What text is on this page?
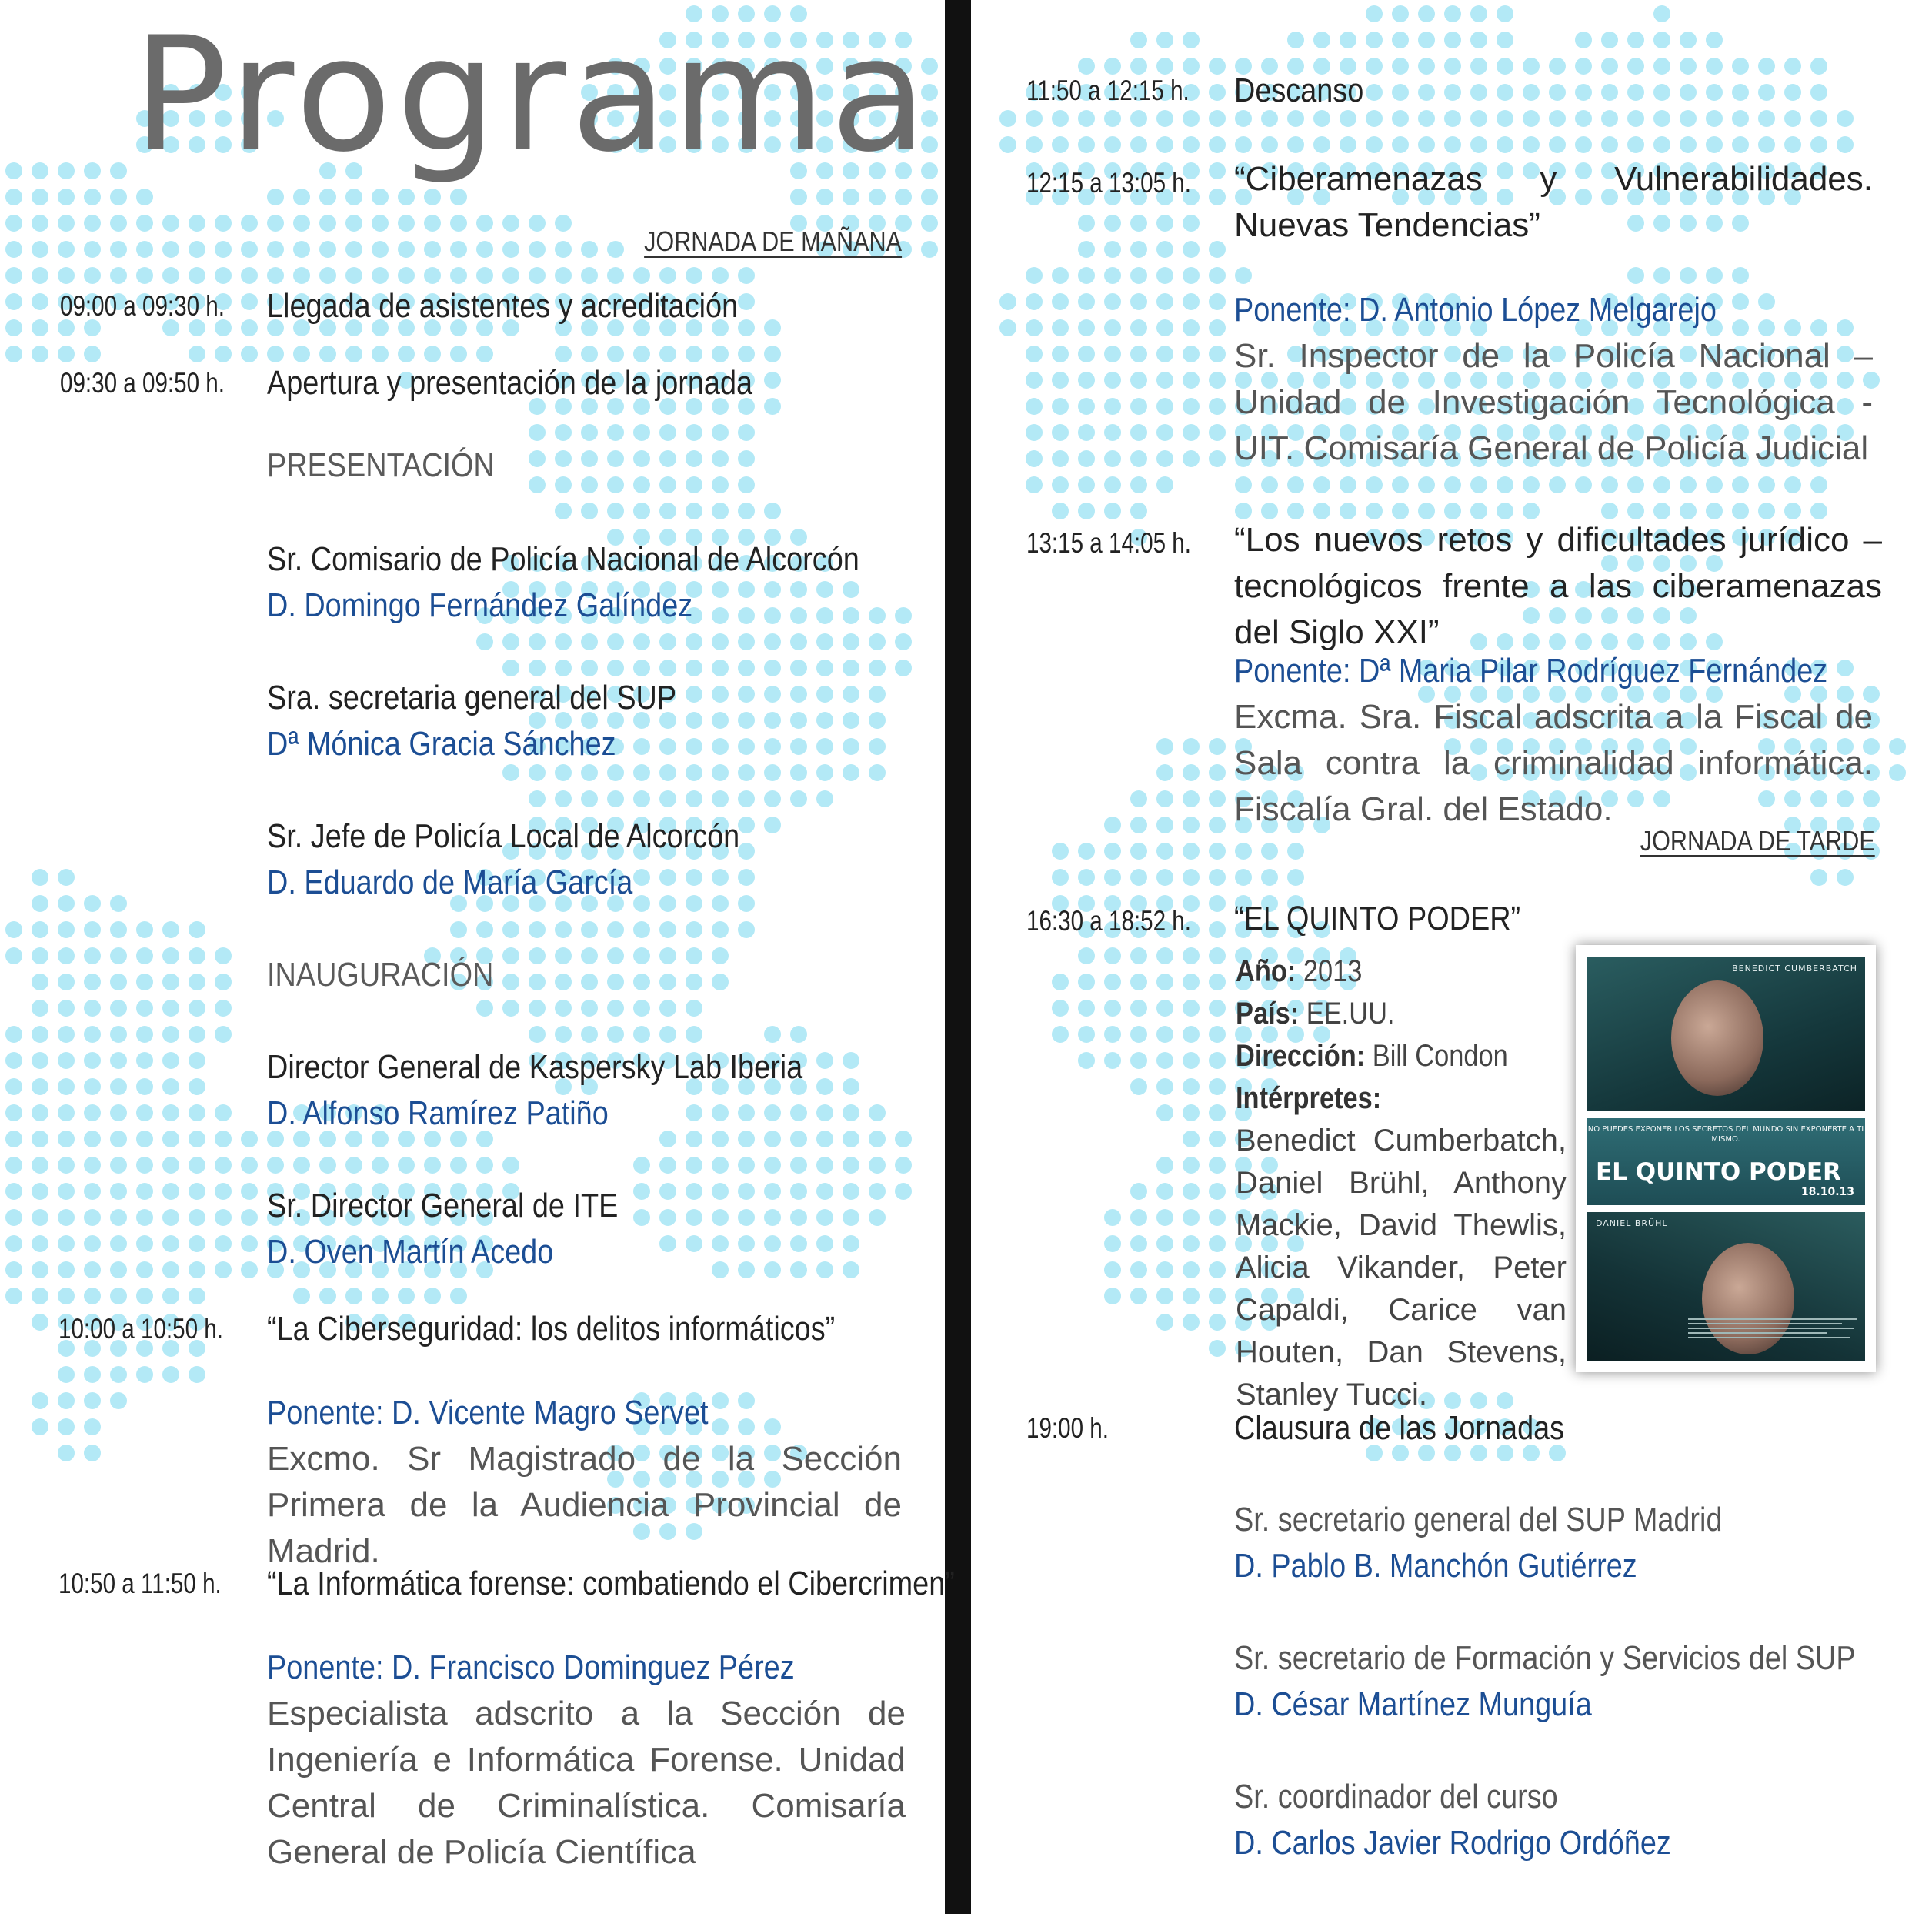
Programa
JORNADA DE MAÑANA
09:00 a 09:30 h. Llegada de asistentes y acreditación
09:30 a 09:50 h. Apertura y presentación de la jornada
PRESENTACIÓN
Sr. Comisario de Policía Nacional de Alcorcón
D. Domingo Fernández Galíndez
Sra. secretaria general del SUP
Dª Mónica Gracia Sánchez
Sr. Jefe de Policía Local de Alcorcón
D. Eduardo de María García
INAUGURACIÓN
Director General de Kaspersky Lab Iberia
D. Alfonso Ramírez Patiño
Sr. Director General de ITE
D. Oven Martín Acedo
10:00 a 10:50 h. “La Ciberseguridad: los delitos informáticos”
Ponente: D. Vicente Magro Servet
Excmo. Sr Magistrado de la Sección Primera de la Audiencia Provincial de Madrid.
10:50 a 11:50 h. “La Informática forense: combatiendo el Cibercrimen”
Ponente: D. Francisco Dominguez Pérez
Especialista adscrito a la Sección de Ingeniería e Informática Forense. Unidad Central de Criminalística. Comisaría General de Policía Científica
11:50 a 12:15 h. Descanso
12:15 a 13:05 h. “Ciberamenazas y Vulnerabilidades. Nuevas Tendencias”
Ponente: D. Antonio López Melgarejo
Sr. Inspector de la Policía Nacional – Unidad de Investigación Tecnológica - UIT. Comisaría General de Policía Judicial
13:15 a 14:05 h. “Los nuevos retos y dificultades jurídico – tecnológicos frente a las ciberamenazas del Siglo XXI”
Ponente: Dª Maria Pilar Rodríguez Fernández
Excma. Sra. Fiscal adscrita a la Fiscal de Sala contra la criminalidad informática. Fiscalía Gral. del Estado.
JORNADA DE TARDE
16:30 a 18:52 h. “EL QUINTO PODER”
Año: 2013
País: EE.UU.
Dirección: Bill Condon
Intérpretes:
Benedict Cumberbatch, Daniel Brühl, Anthony Mackie, David Thewlis, Alicia Vikander, Peter Capaldi, Carice van Houten, Dan Stevens, Stanley Tucci.
19:00 h.	Clausura de las Jornadas
Sr. secretario general del SUP Madrid
D. Pablo B. Manchón Gutiérrez
Sr. secretario de Formación y Servicios del SUP
D. César Martínez Munguía
Sr. coordinador del curso
D. Carlos Javier Rodrigo Ordóñez
BENEDICT CUMBERBATCH
NO PUEDES EXPONER LOS SECRETOS DEL MUNDO SIN EXPONERTE A TI MISMO.
EL QUINTO PODER
18.10.13
DANIEL BRÜHL
